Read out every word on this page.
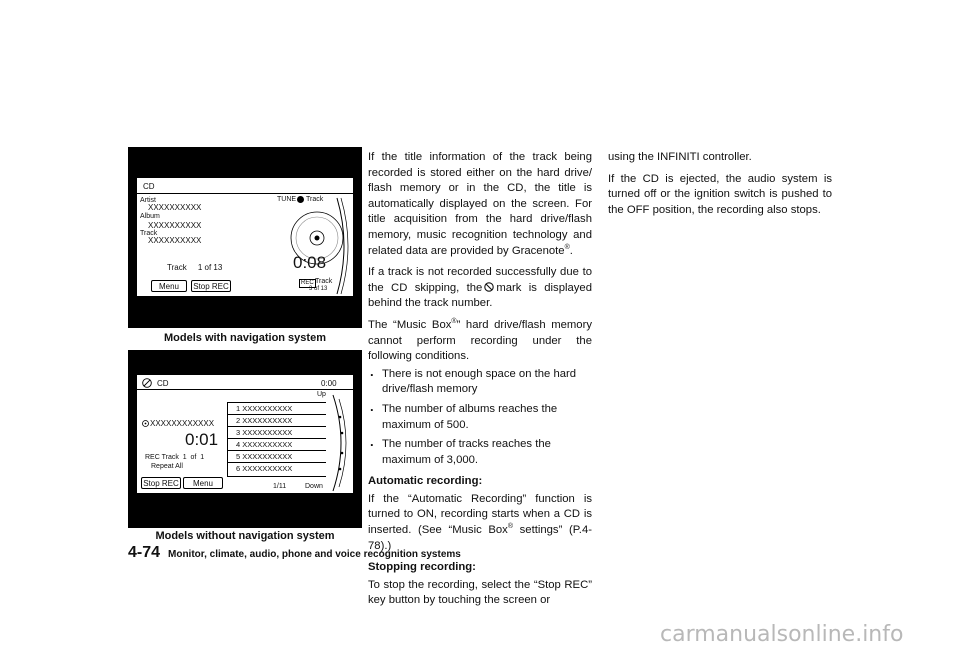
CD
Artist
XXXXXXXXXX
Album
XXXXXXXXXX
Track
XXXXXXXXXX
TUNE Track
Track     1 of 13	0:08
Menu	Stop REC	REC Track
3 of 13
SAA2514
Models with navigation system
CD	0:00
Up
1 XXXXXXXXXX
2 XXXXXXXXXX
3 XXXXXXXXXX
4 XXXXXXXXXX
5 XXXXXXXXXX
6 XXXXXXXXXX
XXXXXXXXXXXX
0:01
REC Track  1  of  1
Repeat All
Stop REC	Menu	1/11	Down
SAA2613
Models without navigation system

If the title information of the track being recorded is stored either on the hard drive/ flash memory or in the CD, the title is automatically displayed on the screen. For title acquisition from the hard drive/flash memory, music recognition technology and related data are provided by Gracenote®.

If a track is not recorded successfully due to the CD skipping, the mark is displayed behind the track number.

The “Music Box®” hard drive/flash memory cannot perform recording under the following conditions.

. There is not enough space on the hard drive/flash memory
. The number of albums reaches the maximum of 500.
. The number of tracks reaches the maximum of 3,000.
Automatic recording:

If the “Automatic Recording” function is turned to ON, recording starts when a CD is inserted. (See “Music Box® settings” (P.4-78).)

Stopping recording:

To stop the recording, select the “Stop REC” key button by touching the screen or

using the INFINITI controller.

If the CD is ejected, the audio system is turned off or the ignition switch is pushed to the OFF position, the recording also stops.

4-74 Monitor, climate, audio, phone and voice recognition systems
carmanualsonline.info
